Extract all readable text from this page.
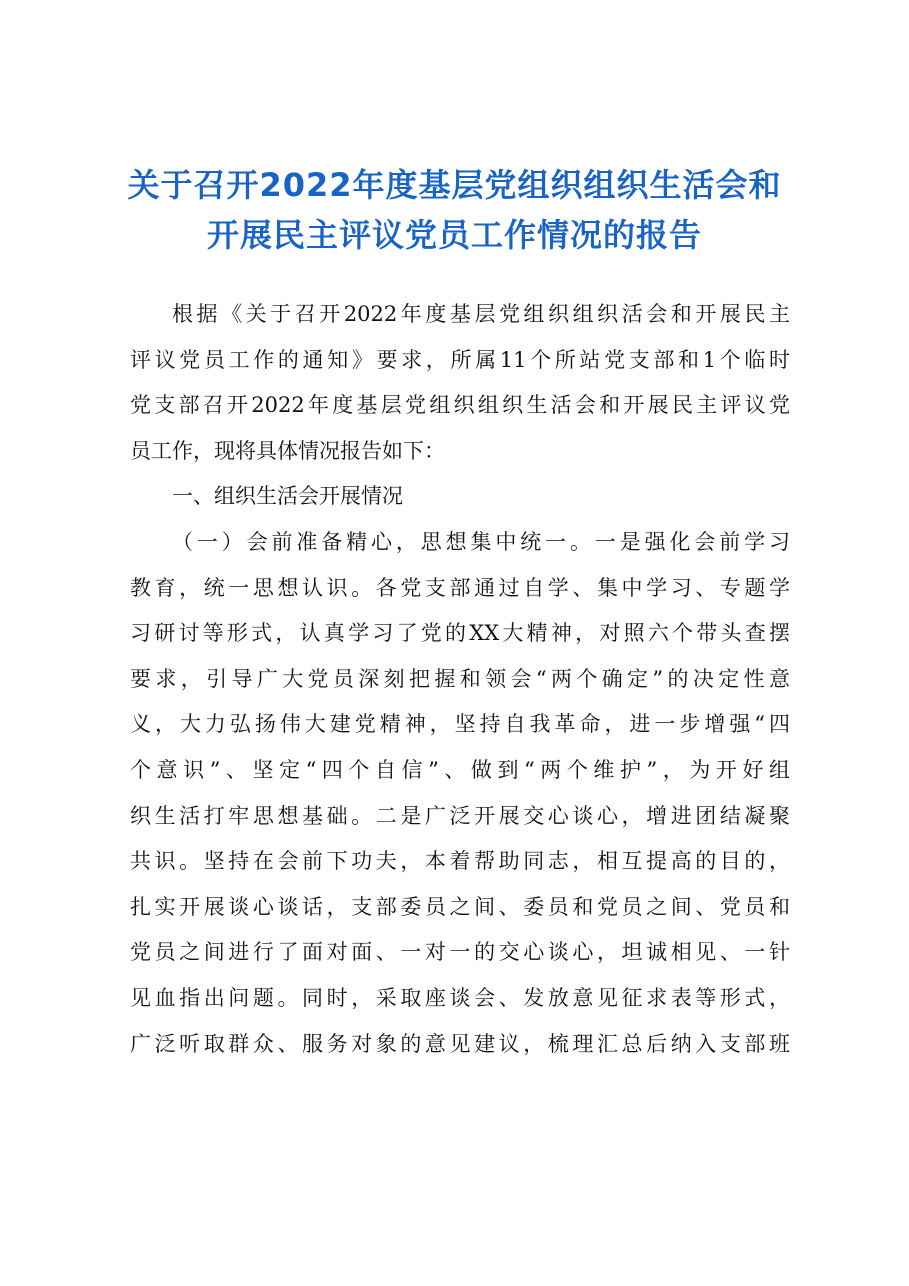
关于召开2022年度基层党组织组织生活会和
开展民主评议党员工作情况的报告
根据《关于召开2022年度基层党组织组织活会和开展民主
评议党员工作的通知》要求，所属11个所站党支部和1个临时
党支部召开2022年度基层党组织组织生活会和开展民主评议党
员工作，现将具体情况报告如下：
一、组织生活会开展情况
（一）会前准备精心，思想集中统一。一是强化会前学习
教育，统一思想认识。各党支部通过自学、集中学习、专题学
习研讨等形式，认真学习了党的XX大精神，对照六个带头查摆
要求，引导广大党员深刻把握和领会“两个确定”的决定性意
义，大力弘扬伟大建党精神，坚持自我革命，进一步增强“四
个意识”、坚定“四个自信”、做到“两个维护”，为开好组
织生活打牢思想基础。二是广泛开展交心谈心，增进团结凝聚
共识。坚持在会前下功夫，本着帮助同志，相互提高的目的，
扎实开展谈心谈话，支部委员之间、委员和党员之间、党员和
党员之间进行了面对面、一对一的交心谈心，坦诚相见、一针
见血指出问题。同时，采取座谈会、发放意见征求表等形式，
广泛听取群众、服务对象的意见建议，梳理汇总后纳入支部班
